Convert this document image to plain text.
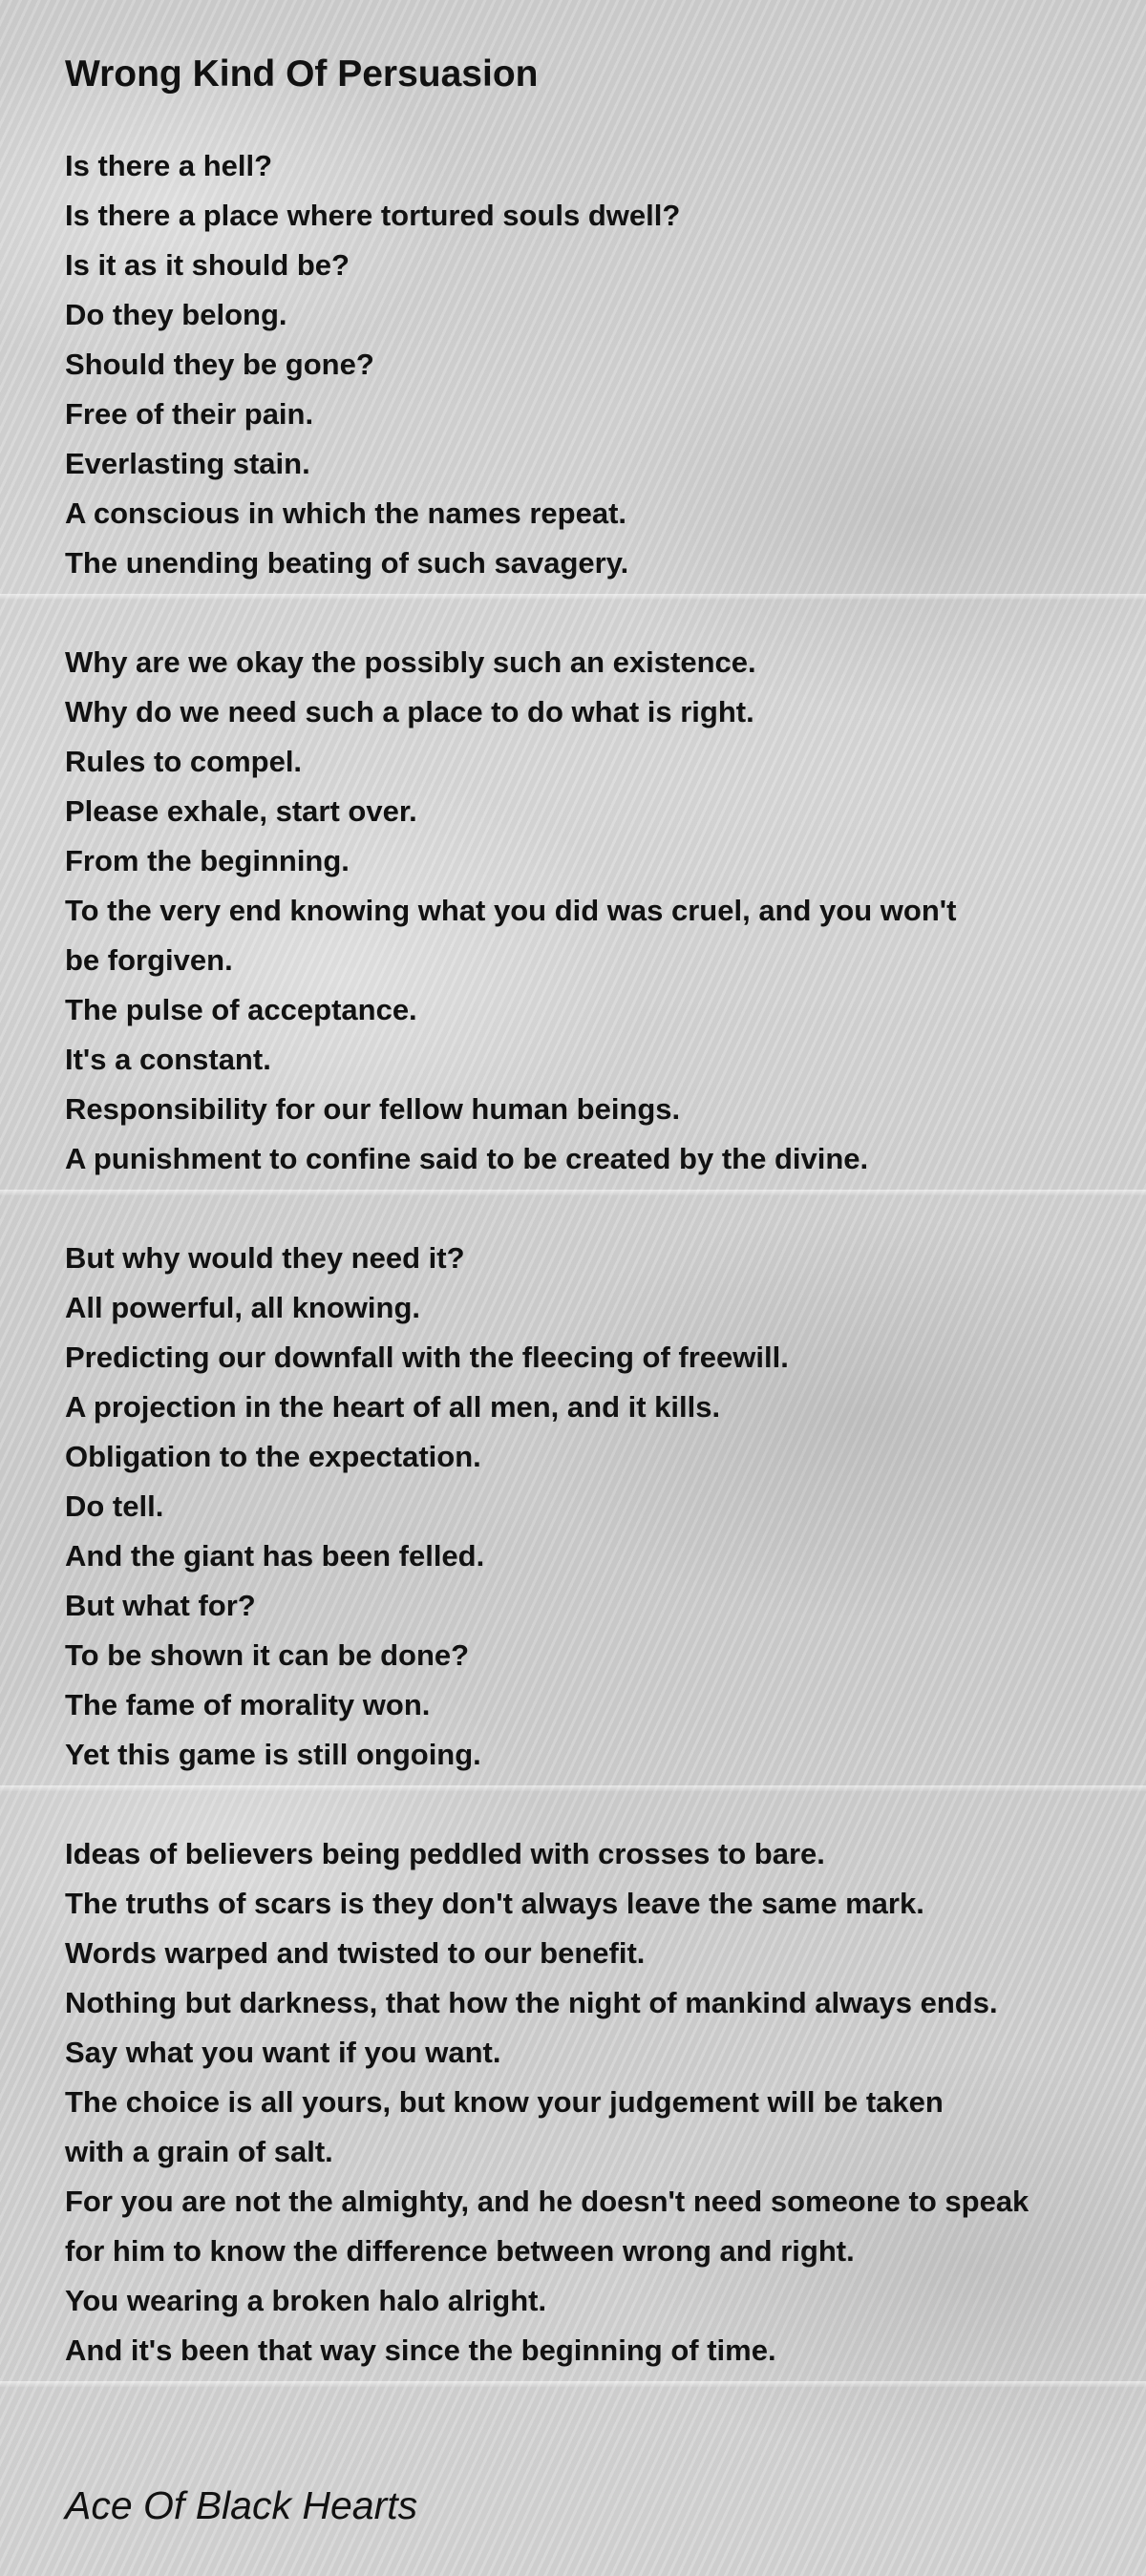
Wrong Kind Of Persuasion
Is there a hell?
Is there a place where tortured souls dwell?
Is it as it should be?
Do they belong.
Should they be gone?
Free of their pain.
Everlasting stain.
A conscious in which the names repeat.
The unending beating of such savagery.
Why are we okay the possibly such an existence.
Why do we need such a place to do what is right.
Rules to compel.
Please exhale, start over.
From the beginning.
To the very end knowing what you did was cruel, and you won't
be forgiven.
The pulse of acceptance.
It's a constant.
Responsibility for our fellow human beings.
A punishment to confine said to be created by the divine.
But why would they need it?
All powerful, all knowing.
Predicting our downfall with the fleecing of freewill.
A projection in the heart of all men, and it kills.
Obligation to the expectation.
Do tell.
And the giant has been felled.
But what for?
To be shown it can be done?
The fame of morality won.
Yet this game is still ongoing.
Ideas of believers being peddled with crosses to bare.
The truths of scars is they don't always leave the same mark.
Words warped and twisted to our benefit.
Nothing but darkness, that how the night of mankind always ends.
Say what you want if you want.
The choice is all yours, but know your judgement will be taken
with a grain of salt.
For you are not the almighty, and he doesn't need someone to speak
for him to know the difference between wrong and right.
You wearing a broken halo alright.
And it's been that way since the beginning of time.
Ace Of Black Hearts
